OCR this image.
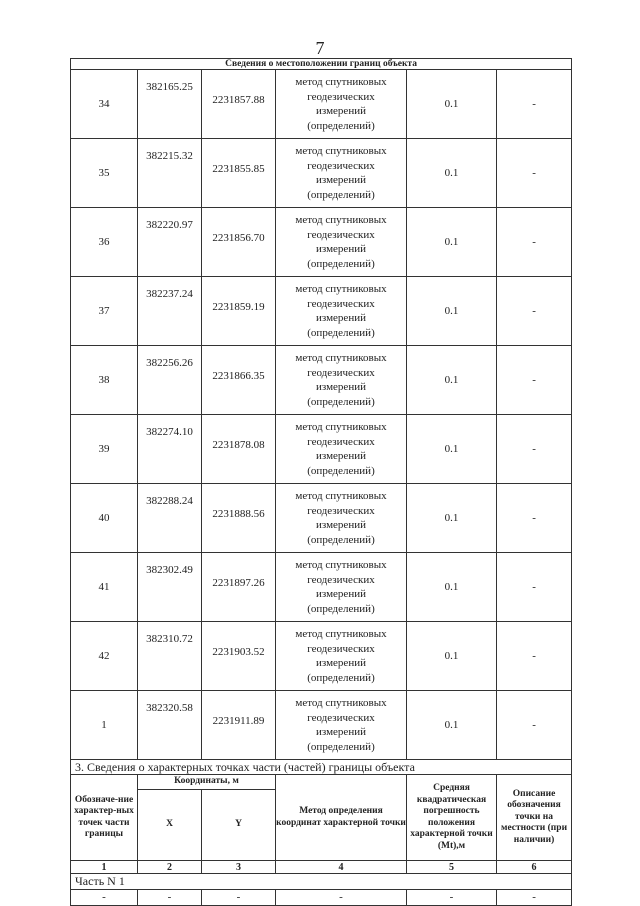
7
Сведения о местоположении границ объекта					
34	382165.25	2231857.88	метод спутниковых
геодезических
измерений
(определений)	0.1	-
35	382215.32	2231855.85	метод спутниковых
геодезических
измерений
(определений)	0.1	-
36	382220.97	2231856.70	метод спутниковых
геодезических
измерений
(определений)	0.1	-
37	382237.24	2231859.19	метод спутниковых
геодезических
измерений
(определений)	0.1	-
38	382256.26	2231866.35	метод спутниковых
геодезических
измерений
(определений)	0.1	-
39	382274.10	2231878.08	метод спутниковых
геодезических
измерений
(определений)	0.1	-
40	382288.24	2231888.56	метод спутниковых
геодезических
измерений
(определений)	0.1	-
41	382302.49	2231897.26	метод спутниковых
геодезических
измерений
(определений)	0.1	-
42	382310.72	2231903.52	метод спутниковых
геодезических
измерений
(определений)	0.1	-
1	382320.58	2231911.89	метод спутниковых
геодезических
измерений
(определений)	0.1	-
3. Сведения о характерных точках части (частей) границы объекта					
Обозначе-ние характер-ных точек части границы	Координаты, м		Метод определения координат характерной точки	Средняя квадратическая погрешность положения характерной точки (Mt),м	Описание обозначения точки на местности (при наличии)
	X	Y			
1	2	3	4	5	6
Часть N 1					
-	-	-	-	-	-
